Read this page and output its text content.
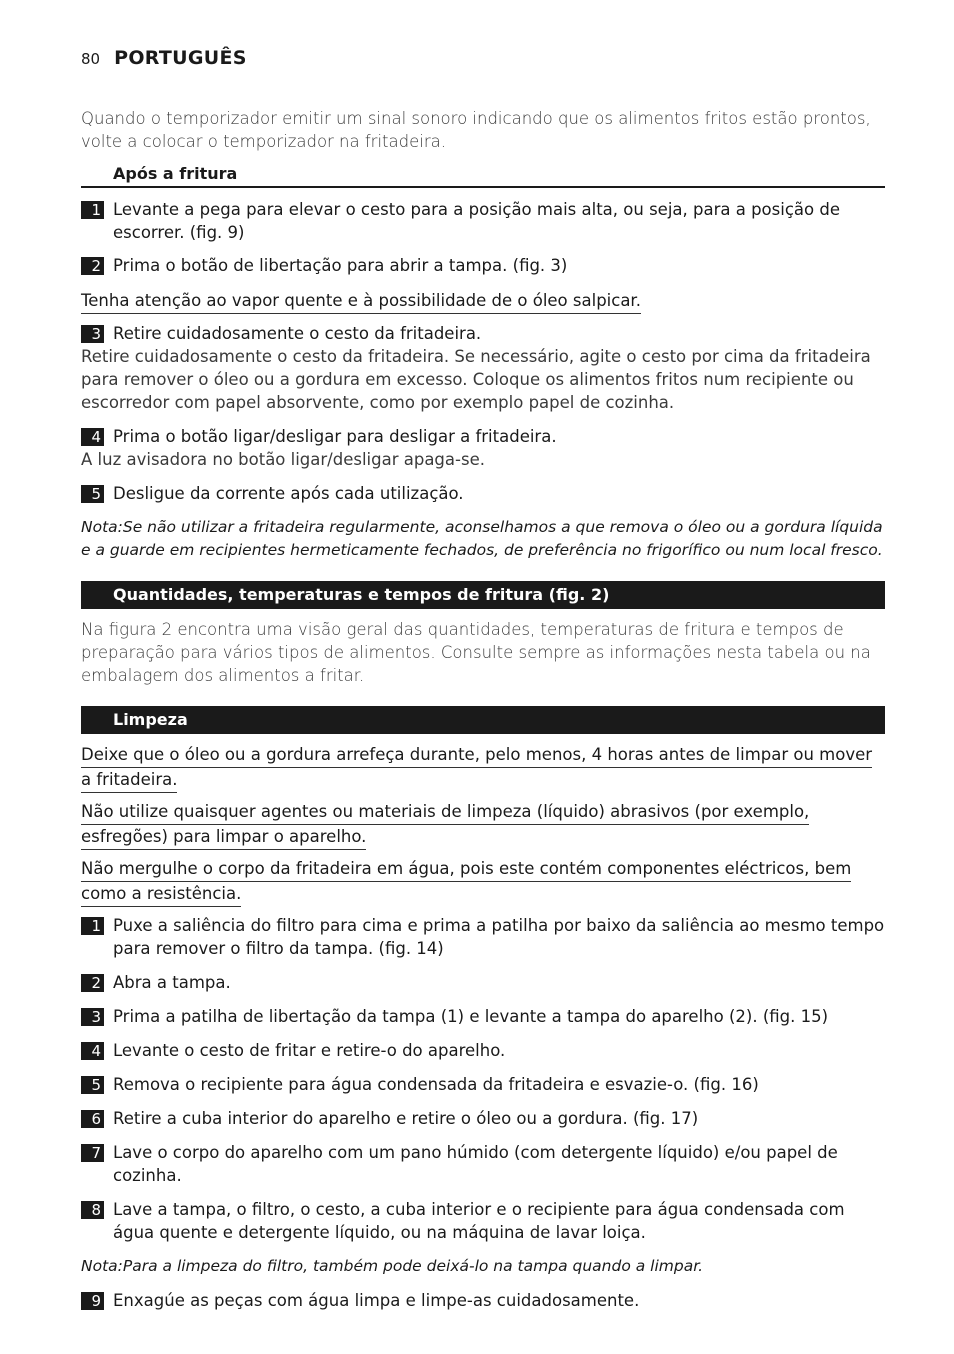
80 PORTUGUÊS
Quando o temporizador emitir um sinal sonoro indicando que os alimentos fritos estão prontos, volte a colocar o temporizador na fritadeira.
Após a fritura
1 Levante a pega para elevar o cesto para a posição mais alta, ou seja, para a posição de escorrer. (fig. 9)
2 Prima o botão de libertação para abrir a tampa. (fig. 3)
Tenha atenção ao vapor quente e à possibilidade de o óleo salpicar.
3 Retire cuidadosamente o cesto da fritadeira.
Retire cuidadosamente o cesto da fritadeira. Se necessário, agite o cesto por cima da fritadeira para remover o óleo ou a gordura em excesso. Coloque os alimentos fritos num recipiente ou escorredor com papel absorvente, como por exemplo papel de cozinha.
4 Prima o botão ligar/desligar para desligar a fritadeira.
A luz avisadora no botão ligar/desligar apaga-se.
5 Desligue da corrente após cada utilização.
Nota:Se não utilizar a fritadeira regularmente, aconselhamos a que remova o óleo ou a gordura líquida e a guarde em recipientes hermeticamente fechados, de preferência no frigorífico ou num local fresco.
Quantidades, temperaturas e tempos de fritura (fig. 2)
Na figura 2 encontra uma visão geral das quantidades, temperaturas de fritura e tempos de preparação para vários tipos de alimentos. Consulte sempre as informações nesta tabela ou na embalagem dos alimentos a fritar.
Limpeza
Deixe que o óleo ou a gordura arrefeça durante, pelo menos, 4 horas antes de limpar ou mover
a fritadeira.
Não utilize quaisquer agentes ou materiais de limpeza (líquido) abrasivos (por exemplo,
esfregões) para limpar o aparelho.
Não mergulhe o corpo da fritadeira em água, pois este contém componentes eléctricos, bem
como a resistência.
1 Puxe a saliência do filtro para cima e prima a patilha por baixo da saliência ao mesmo tempo para remover o filtro da tampa. (fig. 14)
2 Abra a tampa.
3 Prima a patilha de libertação da tampa (1) e levante a tampa do aparelho (2). (fig. 15)
4 Levante o cesto de fritar e retire-o do aparelho.
5 Remova o recipiente para água condensada da fritadeira e esvazie-o. (fig. 16)
6 Retire a cuba interior do aparelho e retire o óleo ou a gordura. (fig. 17)
7 Lave o corpo do aparelho com um pano húmido (com detergente líquido) e/ou papel de cozinha.
8 Lave a tampa, o filtro, o cesto, a cuba interior e o recipiente para água condensada com água quente e detergente líquido, ou na máquina de lavar loiça.
Nota:Para a limpeza do filtro, também pode deixá-lo na tampa quando a limpar.
9 Enxagúe as peças com água limpa e limpe-as cuidadosamente.
